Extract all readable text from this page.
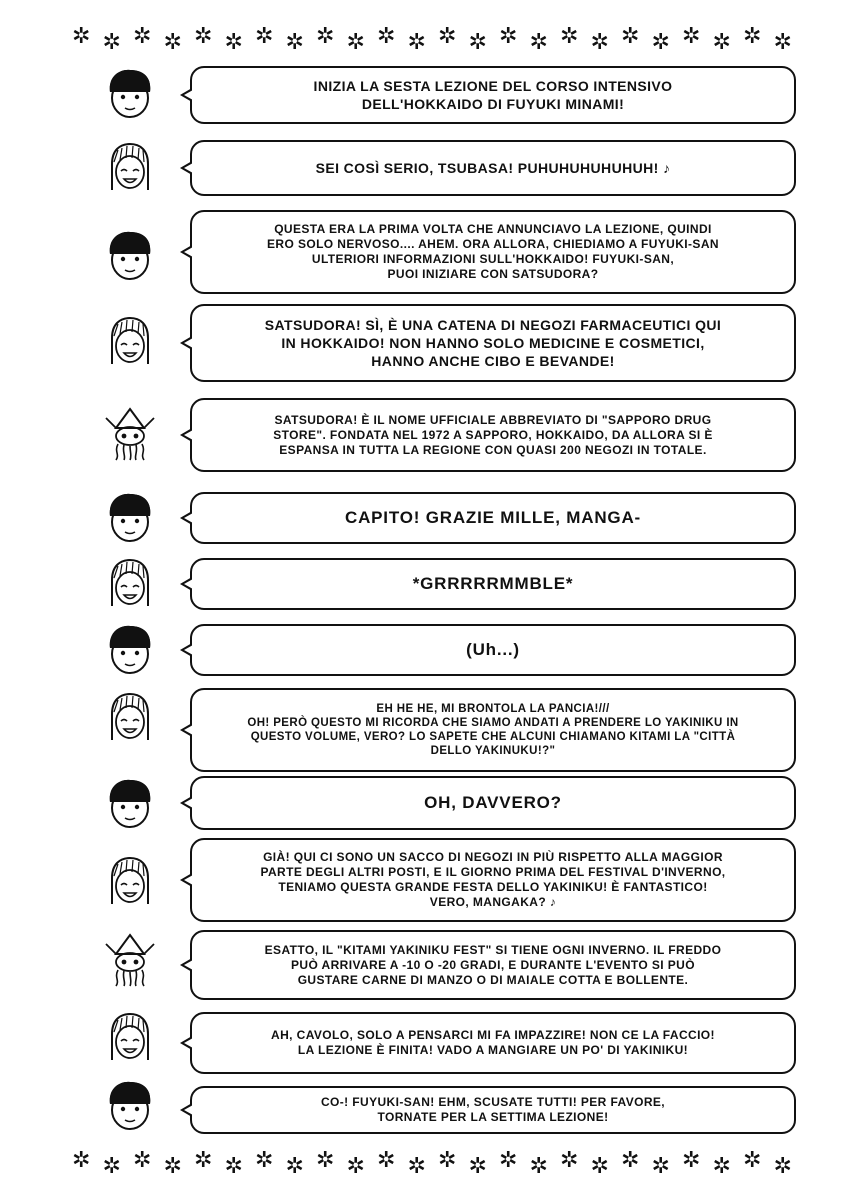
✲ ✲ ✲ ✲ ✲ ✲ ✲ ✲ ✲ ✲ ✲ ✲ ✲ ✲ ✲ ✲ ✲ ✲ ✲ ✲ ✲ ✲ ✲ ✲
INIZIA LA SESTA LEZIONE DEL CORSO INTENSIVO
DELL'HOKKAIDO DI FUYUKI MINAMI!
SEI COSÌ SERIO, TSUBASA! PUHUHUHUHUHUH! ♪
QUESTA ERA LA PRIMA VOLTA CHE ANNUNCIAVO LA LEZIONE, QUINDI
ERO SOLO NERVOSO.... AHEM. ORA ALLORA, CHIEDIAMO A FUYUKI-SAN
ULTERIORI INFORMAZIONI SULL'HOKKAIDO! FUYUKI-SAN,
PUOI INIZIARE CON SATSUDORA?
SATSUDORA! SÌ, È UNA CATENA DI NEGOZI FARMACEUTICI QUI
IN HOKKAIDO! NON HANNO SOLO MEDICINE E COSMETICI,
HANNO ANCHE CIBO E BEVANDE!
SATSUDORA! È IL NOME UFFICIALE ABBREVIATO DI "SAPPORO DRUG
STORE". FONDATA NEL 1972 A SAPPORO, HOKKAIDO, DA ALLORA SI È
ESPANSA IN TUTTA LA REGIONE CON QUASI 200 NEGOZI IN TOTALE.
CAPITO! GRAZIE MILLE, MANGA-
*GRRRRRMMBLE*
(Uh...)
EH HE HE, MI BRONTOLA LA PANCIA!///
OH! PERÒ QUESTO MI RICORDA CHE SIAMO ANDATI A PRENDERE LO YAKINIKU IN
QUESTO VOLUME, VERO? LO SAPETE CHE ALCUNI CHIAMANO KITAMI LA "CITTÀ
DELLO YAKINUKU!?"
OH, DAVVERO?
GIÀ! QUI CI SONO UN SACCO DI NEGOZI IN PIÙ RISPETTO ALLA MAGGIOR
PARTE DEGLI ALTRI POSTI, E IL GIORNO PRIMA DEL FESTIVAL D'INVERNO,
TENIAMO QUESTA GRANDE FESTA DELLO YAKINIKU! È FANTASTICO!
VERO, MANGAKA? ♪
ESATTO, IL "KITAMI YAKINIKU FEST" SI TIENE OGNI INVERNO. IL FREDDO
PUÒ ARRIVARE A -10 O -20 GRADI, E DURANTE L'EVENTO SI PUÒ
GUSTARE CARNE DI MANZO O DI MAIALE COTTA E BOLLENTE.
AH, CAVOLO, SOLO A PENSARCI MI FA IMPAZZIRE! NON CE LA FACCIO!
LA LEZIONE È FINITA! VADO A MANGIARE UN PO' DI YAKINIKU!
CO-! FUYUKI-SAN! EHM, SCUSATE TUTTI! PER FAVORE,
TORNATE PER LA SETTIMA LEZIONE!
✲ ✲ ✲ ✲ ✲ ✲ ✲ ✲ ✲ ✲ ✲ ✲ ✲ ✲ ✲ ✲ ✲ ✲ ✲ ✲ ✲ ✲ ✲ ✲
